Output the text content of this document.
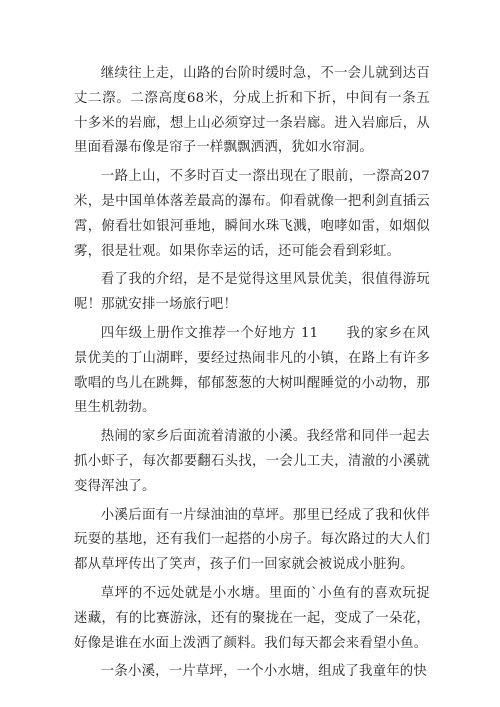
继续往上走，山路的台阶时缓时急，不一会儿就到达百丈二漈。二漈高度68米，分成上折和下折，中间有一条五十多米的岩廊，想上山必须穿过一条岩廊。进入岩廊后，从里面看瀑布像是帘子一样飘飘洒洒，犹如水帘洞。

一路上山，不多时百丈一漈出现在了眼前，一漈高207米，是中国单体落差最高的瀑布。仰看就像一把利剑直插云霄，俯看壮如银河垂地，瞬间水珠飞溅，咆哮如雷，如烟似雾，很是壮观。如果你幸运的话，还可能会看到彩虹。

看了我的介绍，是不是觉得这里风景优美，很值得游玩呢！那就安排一场旅行吧！

四年级上册作文推荐一个好地方 11　　我的家乡在风景优美的丁山湖畔，要经过热闹非凡的小镇，在路上有许多歌唱的鸟儿在跳舞，郁郁葱葱的大树叫醒睡觉的小动物，那里生机勃勃。

热闹的家乡后面流着清澈的小溪。我经常和同伴一起去抓小虾子，每次都要翻石头找，一会儿工夫，清澈的小溪就变得浑浊了。

小溪后面有一片绿油油的草坪。那里已经成了我和伙伴玩耍的基地，还有我们一起搭的小房子。每次路过的大人们都从草坪传出了笑声，孩子们一回家就会被说成小脏狗。

草坪的不远处就是小水塘。里面的`小鱼有的喜欢玩捉迷藏，有的比赛游泳，还有的聚拢在一起，变成了一朵花，好像是谁在水面上泼洒了颜料。我们每天都会来看望小鱼。

一条小溪，一片草坪，一个小水塘，组成了我童年的快
